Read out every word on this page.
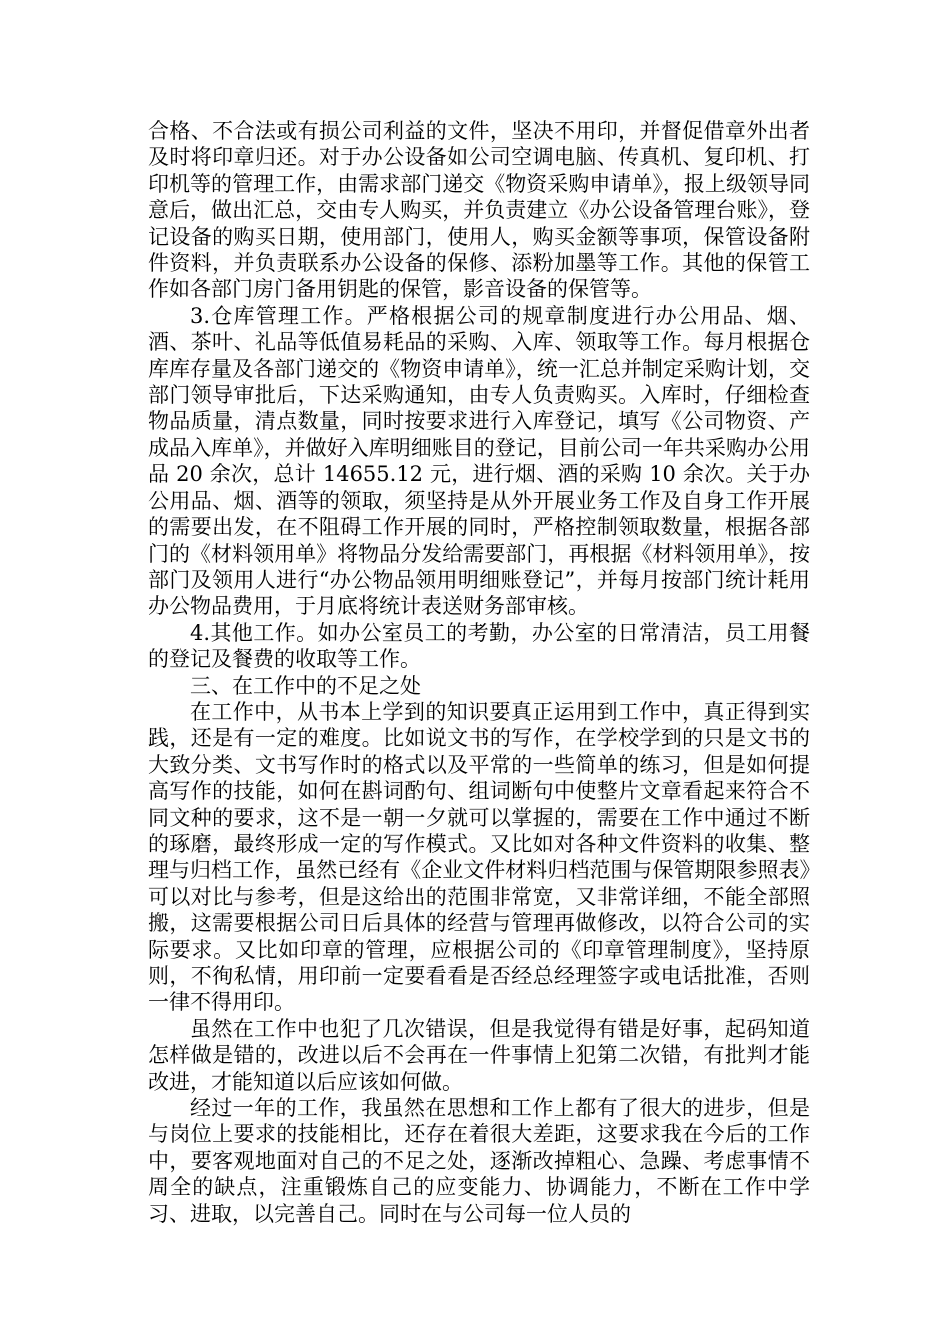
合格、不合法或有损公司利益的文件，坚决不用印，并督促借章外出者及时将印章归还。对于办公设备如公司空调电脑、传真机、复印机、打印机等的管理工作，由需求部门递交《物资采购申请单》，报上级领导同意后，做出汇总，交由专人购买，并负责建立《办公设备管理台账》，登记设备的购买日期，使用部门，使用人，购买金额等事项，保管设备附件资料，并负责联系办公设备的保修、添粉加墨等工作。其他的保管工作如各部门房门备用钥匙的保管，影音设备的保管等。

3.仓库管理工作。严格根据公司的规章制度进行办公用品、烟、酒、茶叶、礼品等低值易耗品的采购、入库、领取等工作。每月根据仓库库存量及各部门递交的《物资申请单》，统一汇总并制定采购计划，交部门领导审批后，下达采购通知，由专人负责购买。入库时，仔细检查物品质量，清点数量，同时按要求进行入库登记，填写《公司物资、产成品入库单》，并做好入库明细账目的登记，目前公司一年共采购办公用品 20 余次，总计 14655.12 元，进行烟、酒的采购 10 余次。关于办公用品、烟、酒等的领取，须坚持是从外开展业务工作及自身工作开展的需要出发，在不阻碍工作开展的同时，严格控制领取数量，根据各部门的《材料领用单》将物品分发给需要部门，再根据《材料领用单》，按部门及领用人进行“办公物品领用明细账登记”，并每月按部门统计耗用办公物品费用，于月底将统计表送财务部审核。

4.其他工作。如办公室员工的考勤，办公室的日常清洁，员工用餐的登记及餐费的收取等工作。

三、在工作中的不足之处

在工作中，从书本上学到的知识要真正运用到工作中，真正得到实践，还是有一定的难度。比如说文书的写作，在学校学到的只是文书的大致分类、文书写作时的格式以及平常的一些简单的练习，但是如何提高写作的技能，如何在斟词酌句、组词断句中使整片文章看起来符合不同文种的要求，这不是一朝一夕就可以掌握的，需要在工作中通过不断的琢磨，最终形成一定的写作模式。又比如对各种文件资料的收集、整理与归档工作，虽然已经有《企业文件材料归档范围与保管期限参照表》可以对比与参考，但是这给出的范围非常宽，又非常详细，不能全部照搬，这需要根据公司日后具体的经营与管理再做修改，以符合公司的实际要求。又比如印章的管理，应根据公司的《印章管理制度》，坚持原则，不徇私情，用印前一定要看看是否经总经理签字或电话批准，否则一律不得用印。

虽然在工作中也犯了几次错误，但是我觉得有错是好事，起码知道怎样做是错的，改进以后不会再在一件事情上犯第二次错，有批判才能改进，才能知道以后应该如何做。

经过一年的工作，我虽然在思想和工作上都有了很大的进步，但是与岗位上要求的技能相比，还存在着很大差距，这要求我在今后的工作中，要客观地面对自己的不足之处，逐渐改掉粗心、急躁、考虑事情不周全的缺点，注重锻炼自己的应变能力、协调能力，不断在工作中学习、进取，以完善自己。同时在与公司每一位人员的
